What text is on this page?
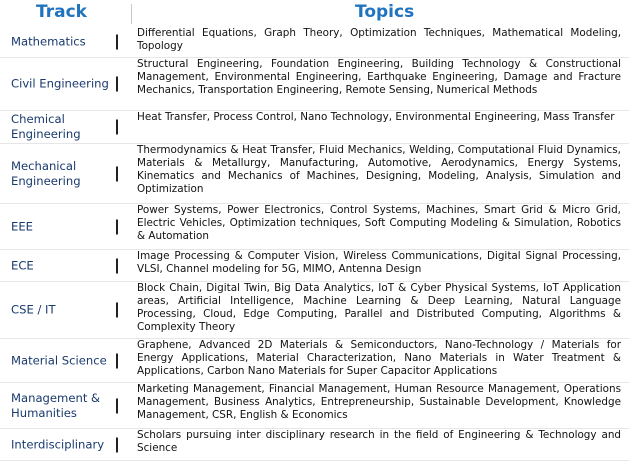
Track	Topics
Mathematics
Differential Equations, Graph Theory, Optimization Techniques, Mathematical Modeling, Topology
Civil Engineering
Structural Engineering, Foundation Engineering, Building Technology & Constructional Management, Environmental Engineering, Earthquake Engineering, Damage and Fracture Mechanics, Transportation Engineering, Remote Sensing, Numerical Methods
Chemical Engineering
Heat Transfer, Process Control, Nano Technology, Environmental Engineering, Mass Transfer
Mechanical Engineering
Thermodynamics & Heat Transfer, Fluid Mechanics, Welding, Computational Fluid Dynamics, Materials & Metallurgy, Manufacturing, Automotive, Aerodynamics, Energy Systems, Kinematics and Mechanics of Machines, Designing, Modeling, Analysis, Simulation and Optimization
EEE
Power Systems, Power Electronics, Control Systems, Machines, Smart Grid & Micro Grid, Electric Vehicles, Optimization techniques, Soft Computing Modeling & Simulation, Robotics & Automation
ECE
Image Processing & Computer Vision, Wireless Communications, Digital Signal Processing, VLSI, Channel modeling for 5G, MIMO, Antenna Design
CSE / IT
Block Chain, Digital Twin, Big Data Analytics, IoT & Cyber Physical Systems, IoT Application areas, Artificial Intelligence, Machine Learning & Deep Learning, Natural Language Processing, Cloud, Edge Computing, Parallel and Distributed Computing, Algorithms & Complexity Theory
Material Science
Graphene, Advanced 2D Materials & Semiconductors, Nano-Technology / Materials for Energy Applications, Material Characterization, Nano Materials in Water Treatment & Applications, Carbon Nano Materials for Super Capacitor Applications
Management & Humanities
Marketing Management, Financial Management, Human Resource Management, Operations Management, Business Analytics, Entrepreneurship, Sustainable Development, Knowledge Management, CSR, English & Economics
Interdisciplinary
Scholars pursuing inter disciplinary research in the field of Engineering & Technology and Science
